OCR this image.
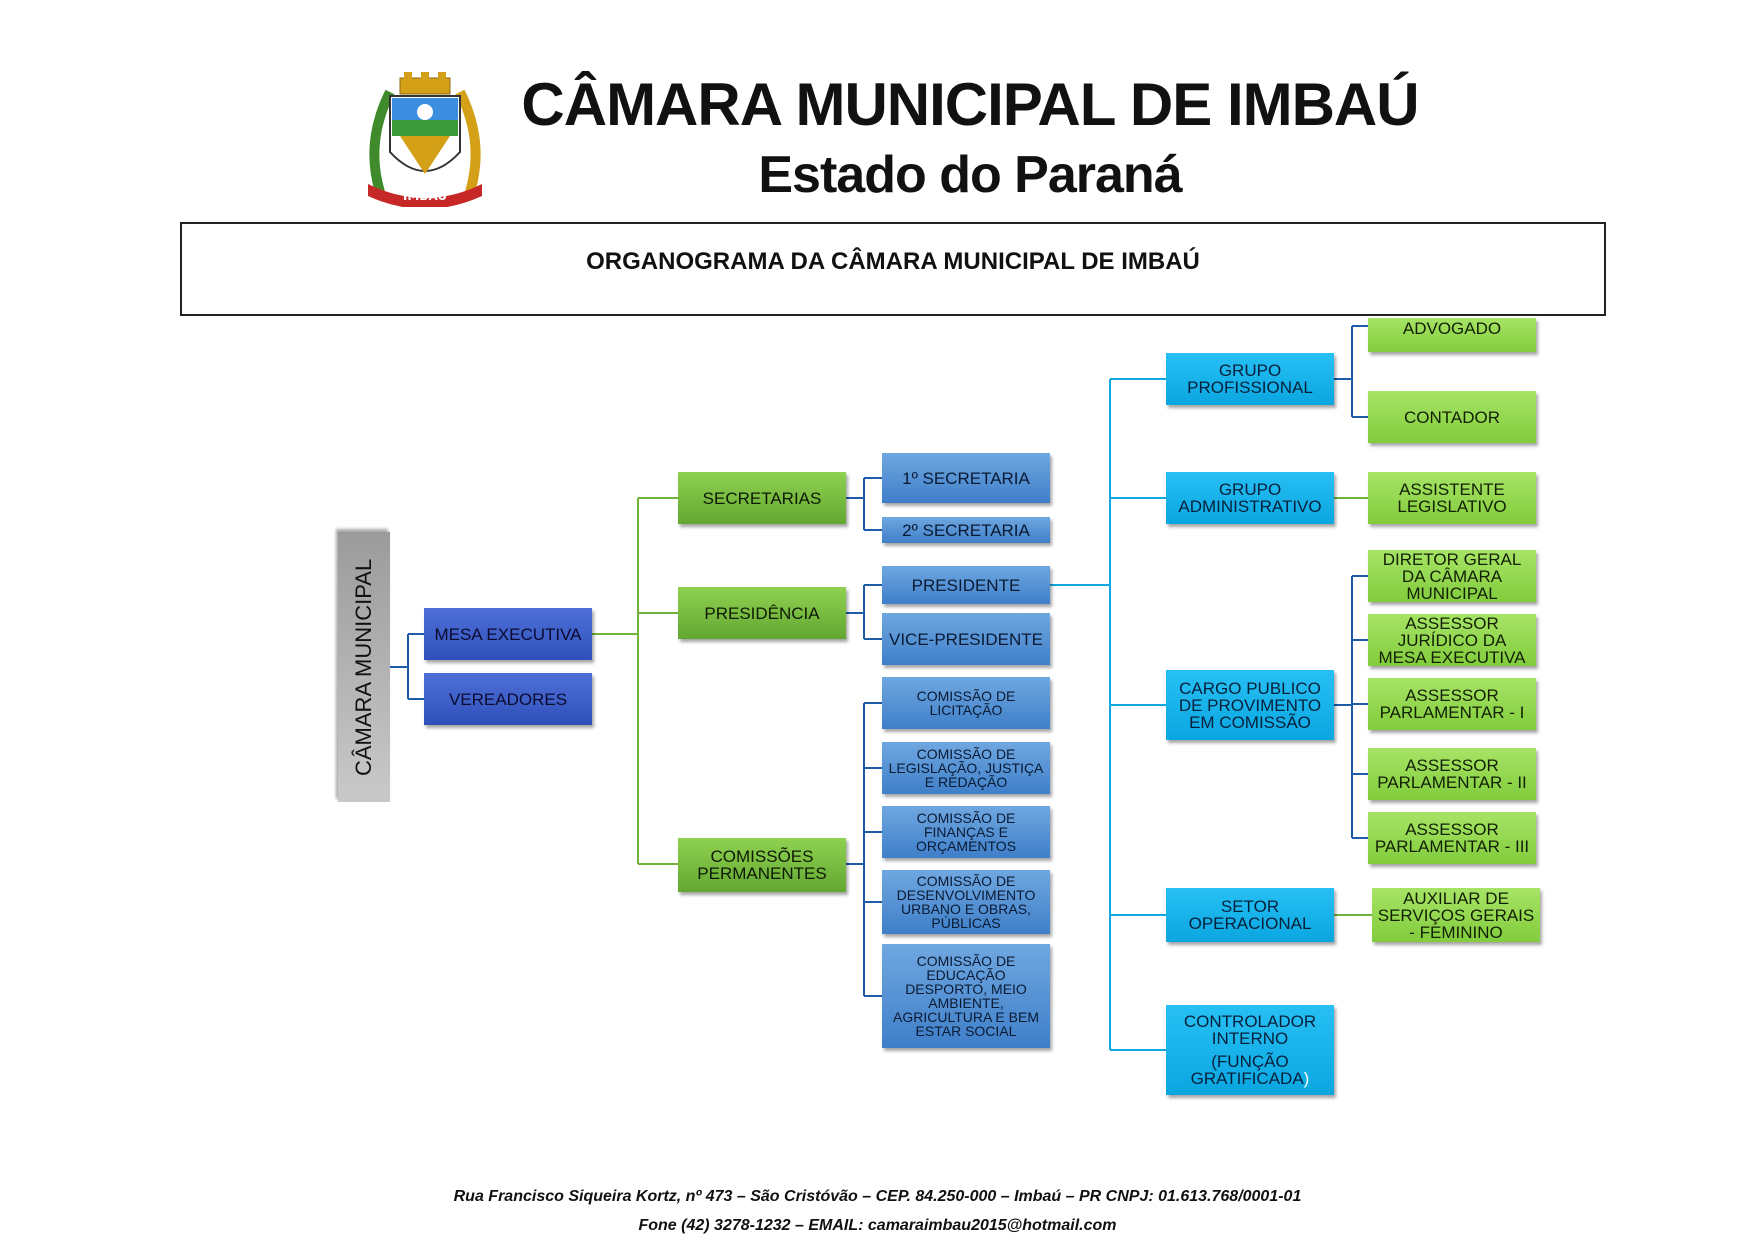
IMBAÚ
CÂMARA MUNICIPAL DE IMBAÚ
Estado do Paraná
ORGANOGRAMA DA CÂMARA MUNICIPAL DE IMBAÚ
CÂMARA MUNICIPAL	MESA EXECUTIVA
VEREADORES
SECRETARIAS
PRESIDÊNCIA
COMISSÕES PERMANENTES
1º SECRETARIA
2º SECRETARIA
PRESIDENTE
VICE-PRESIDENTE
COMISSÃO DE LICITAÇÃO
COMISSÃO DE LEGISLAÇÃO, JUSTIÇA E REDAÇÃO
COMISSÃO DE FINANÇAS E ORÇAMENTOS
COMISSÃO DE DESENVOLVIMENTO URBANO E OBRAS, PÚBLICAS
COMISSÃO DE EDUCAÇÃO DESPORTO, MEIO AMBIENTE, AGRICULTURA E BEM ESTAR SOCIAL
GRUPO PROFISSIONAL
GRUPO ADMINISTRATIVO
CARGO PUBLICO DE PROVIMENTO EM COMISSÃO
SETOR OPERACIONAL
CONTROLADOR INTERNO
(FUNÇÃO GRATIFICADA)
ADVOGADO
CONTADOR
ASSISTENTE LEGISLATIVO
DIRETOR GERAL DA CÂMARA MUNICIPAL
ASSESSOR JURÍDICO DA MESA EXECUTIVA
ASSESSOR PARLAMENTAR - I
ASSESSOR PARLAMENTAR - II
ASSESSOR PARLAMENTAR - III
AUXILIAR DE SERVIÇOS GERAIS - FEMININO
Rua Francisco Siqueira Kortz, nº 473 – São Cristóvão – CEP. 84.250-000 – Imbaú – PR CNPJ: 01.613.768/0001-01
Fone (42) 3278-1232 – EMAIL: camaraimbau2015@hotmail.com
